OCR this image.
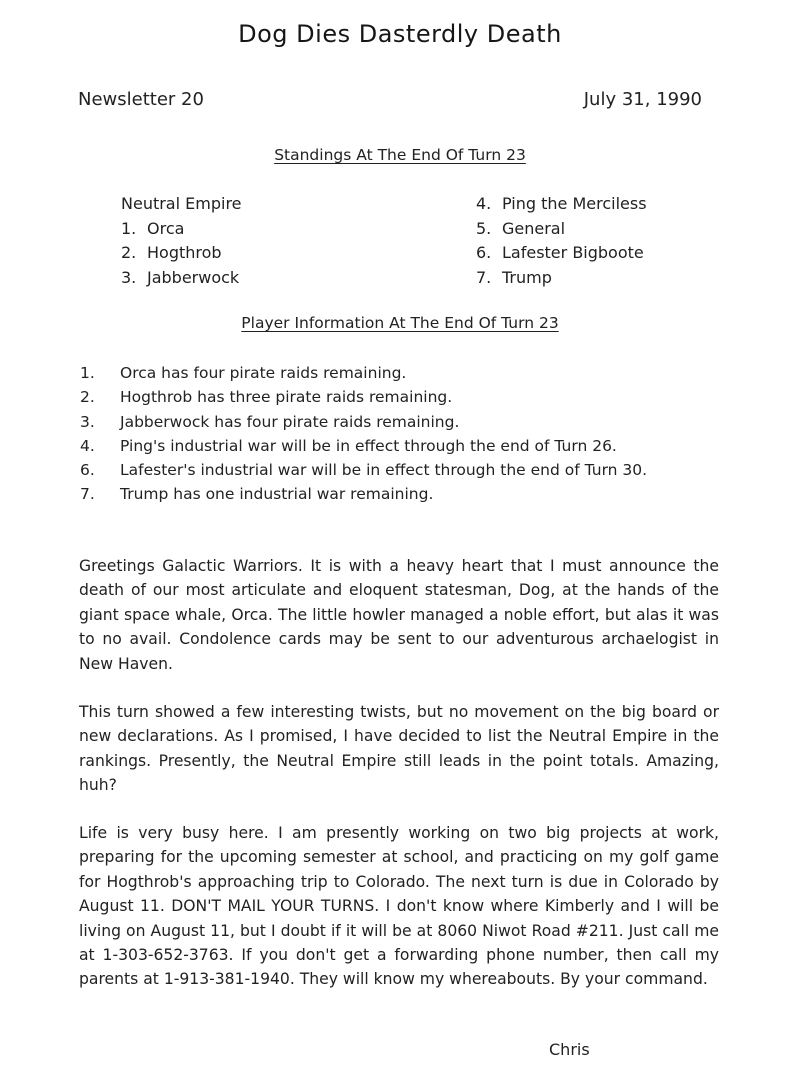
Dog Dies Dasterdly Death
Newsletter 20	July 31, 1990
Standings At The End Of Turn 23
Neutral Empire
1. Orca
2. Hogthrob
3. Jabberwock
4. Ping the Merciless
5. General
6. Lafester Bigboote
7. Trump
Player Information At The End Of Turn 23
1. Orca has four pirate raids remaining.
2. Hogthrob has three pirate raids remaining.
3. Jabberwock has four pirate raids remaining.
4. Ping's industrial war will be in effect through the end of Turn 26.
6. Lafester's industrial war will be in effect through the end of Turn 30.
7. Trump has one industrial war remaining.
Greetings Galactic Warriors. It is with a heavy heart that I must announce the death of our most articulate and eloquent statesman, Dog, at the hands of the giant space whale, Orca. The little howler managed a noble effort, but alas it was to no avail. Condolence cards may be sent to our adventurous archaelogist in New Haven.
This turn showed a few interesting twists, but no movement on the big board or new declarations. As I promised, I have decided to list the Neutral Empire in the rankings. Presently, the Neutral Empire still leads in the point totals. Amazing, huh?
Life is very busy here. I am presently working on two big projects at work, preparing for the upcoming semester at school, and practicing on my golf game for Hogthrob's approaching trip to Colorado. The next turn is due in Colorado by August 11. DON'T MAIL YOUR TURNS. I don't know where Kimberly and I will be living on August 11, but I doubt if it will be at 8060 Niwot Road #211. Just call me at 1-303-652-3763. If you don't get a forwarding phone number, then call my parents at 1-913-381-1940. They will know my whereabouts. By your command.
Chris
